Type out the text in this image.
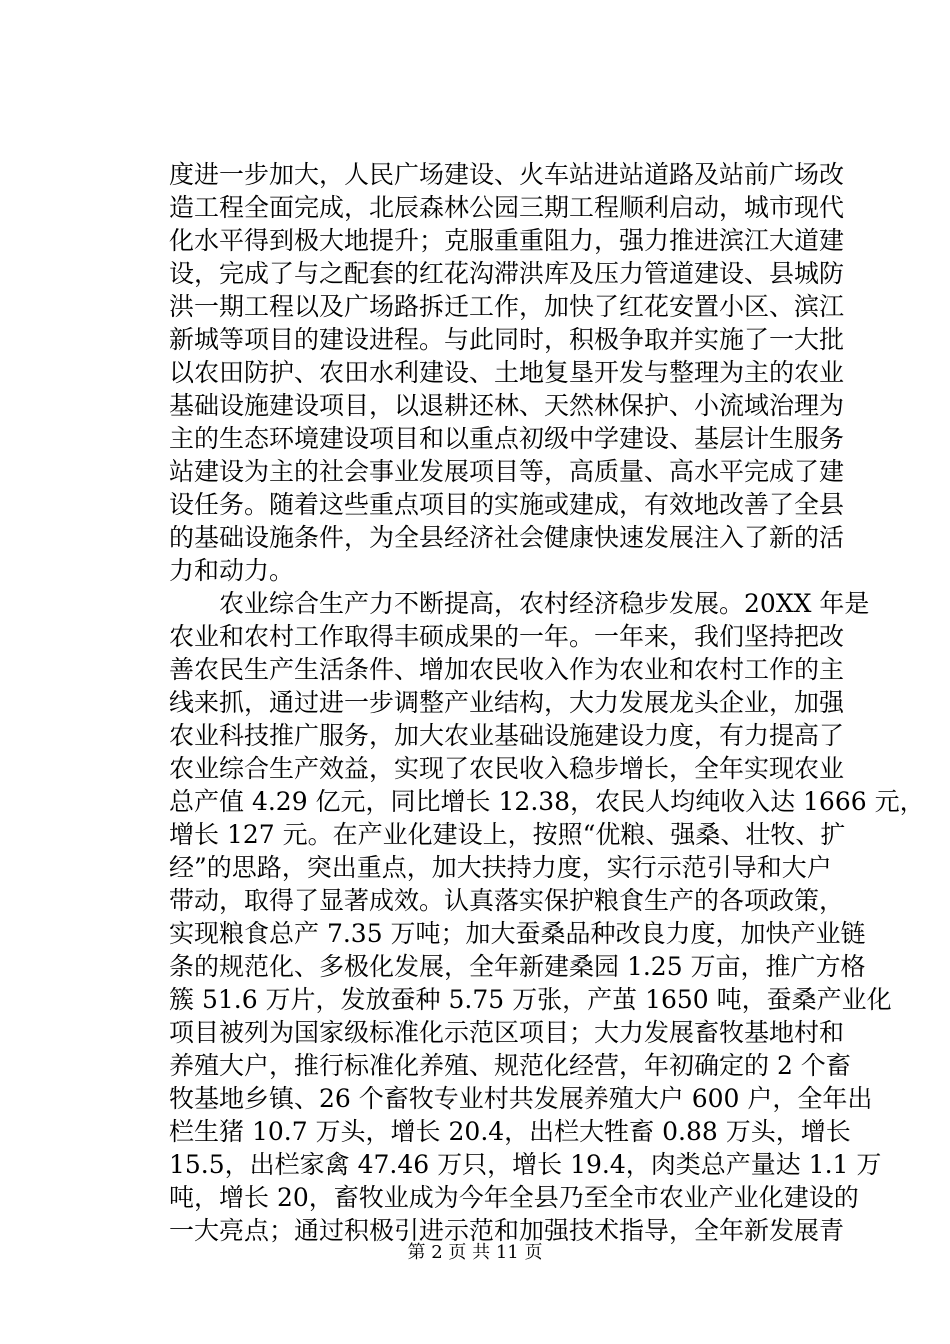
度进一步加大，人民广场建设、火车站进站道路及站前广场改
造工程全面完成，北辰森林公园三期工程顺利启动，城市现代
化水平得到极大地提升；克服重重阻力，强力推进滨江大道建
设，完成了与之配套的红花沟滞洪库及压力管道建设、县城防
洪一期工程以及广场路拆迁工作，加快了红花安置小区、滨江
新城等项目的建设进程。与此同时，积极争取并实施了一大批
以农田防护、农田水利建设、土地复垦开发与整理为主的农业
基础设施建设项目，以退耕还林、天然林保护、小流域治理为
主的生态环境建设项目和以重点初级中学建设、基层计生服务
站建设为主的社会事业发展项目等，高质量、高水平完成了建
设任务。随着这些重点项目的实施或建成，有效地改善了全县
的基础设施条件，为全县经济社会健康快速发展注入了新的活
力和动力。
　　农业综合生产力不断提高，农村经济稳步发展。20XX 年是
农业和农村工作取得丰硕成果的一年。一年来，我们坚持把改
善农民生产生活条件、增加农民收入作为农业和农村工作的主
线来抓，通过进一步调整产业结构，大力发展龙头企业，加强
农业科技推广服务，加大农业基础设施建设力度，有力提高了
农业综合生产效益，实现了农民收入稳步增长，全年实现农业
总产值 4.29 亿元，同比增长 12.38，农民人均纯收入达 1666 元，
增长 127 元。在产业化建设上，按照“优粮、强桑、壮牧、扩
经”的思路，突出重点，加大扶持力度，实行示范引导和大户
带动，取得了显著成效。认真落实保护粮食生产的各项政策，
实现粮食总产 7.35 万吨；加大蚕桑品种改良力度，加快产业链
条的规范化、多极化发展，全年新建桑园 1.25 万亩，推广方格
簇 51.6 万片，发放蚕种 5.75 万张，产茧 1650 吨，蚕桑产业化
项目被列为国家级标准化示范区项目；大力发展畜牧基地村和
养殖大户，推行标准化养殖、规范化经营，年初确定的 2 个畜
牧基地乡镇、26 个畜牧专业村共发展养殖大户 600 户，全年出
栏生猪 10.7 万头，增长 20.4，出栏大牲畜 0.88 万头，增长
15.5，出栏家禽 47.46 万只，增长 19.4，肉类总产量达 1.1 万
吨，增长 20，畜牧业成为今年全县乃至全市农业产业化建设的
一大亮点；通过积极引进示范和加强技术指导，全年新发展青
第 2 页 共 11 页
